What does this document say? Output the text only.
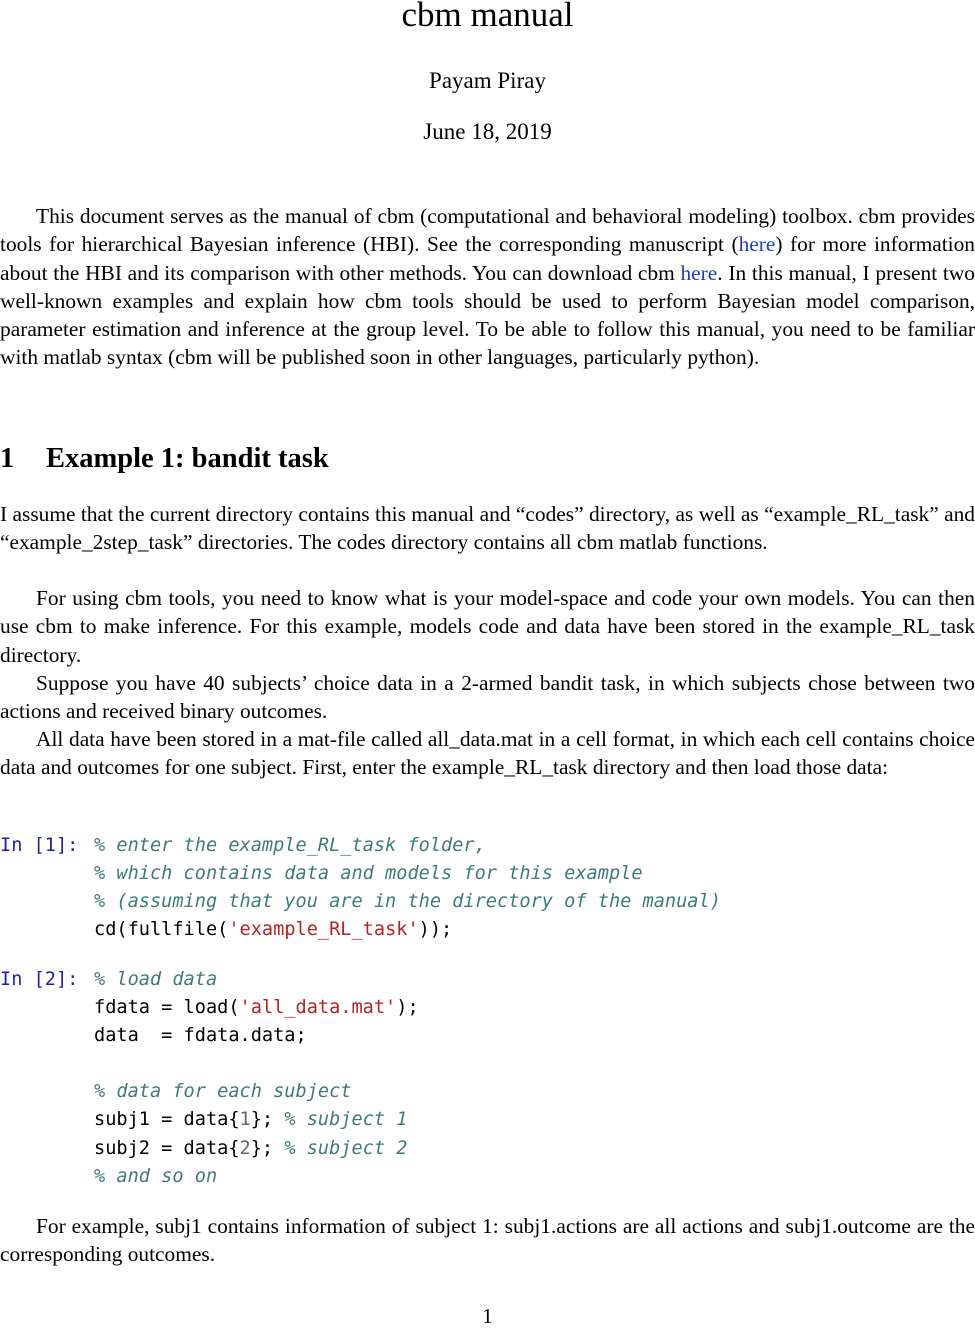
cbm manual
Payam Piray
June 18, 2019

This document serves as the manual of cbm (computational and behavioral modeling) toolbox. cbm provides tools for hierarchical Bayesian inference (HBI). See the corresponding manuscript (here) for more information about the HBI and its comparison with other methods. You can download cbm here. In this manual, I present two well-known examples and explain how cbm tools should be used to perform Bayesian model comparison, parameter estimation and inference at the group level. To be able to follow this manual, you need to be familiar with matlab syntax (cbm will be published soon in other languages, particularly python).

1 Example 1: bandit task

I assume that the current directory contains this manual and “codes” directory, as well as “example_RL_task” and “example_2step_task” directories. The codes directory contains all cbm matlab functions.

For using cbm tools, you need to know what is your model-space and code your own models. You can then use cbm to make inference. For this example, models code and data have been stored in the example_RL_task directory.

Suppose you have 40 subjects’ choice data in a 2-armed bandit task, in which subjects chose between two actions and received binary outcomes.

All data have been stored in a mat-file called all_data.mat in a cell format, in which each cell contains choice data and outcomes for one subject. First, enter the example_RL_task directory and then load those data:

In [1]:

% enter the example_RL_task folder,
% which contains data and models for this example
% (assuming that you are in the directory of the manual)
cd(fullfile('example_RL_task'));

In [2]:

% load data
fdata = load('all_data.mat');
data  = fdata.data;
% data for each subject
subj1 = data{1}; % subject 1
subj2 = data{2}; % subject 2
% and so on

For example, subj1 contains information of subject 1: subj1.actions are all actions and subj1.outcome are the corresponding outcomes.

1
